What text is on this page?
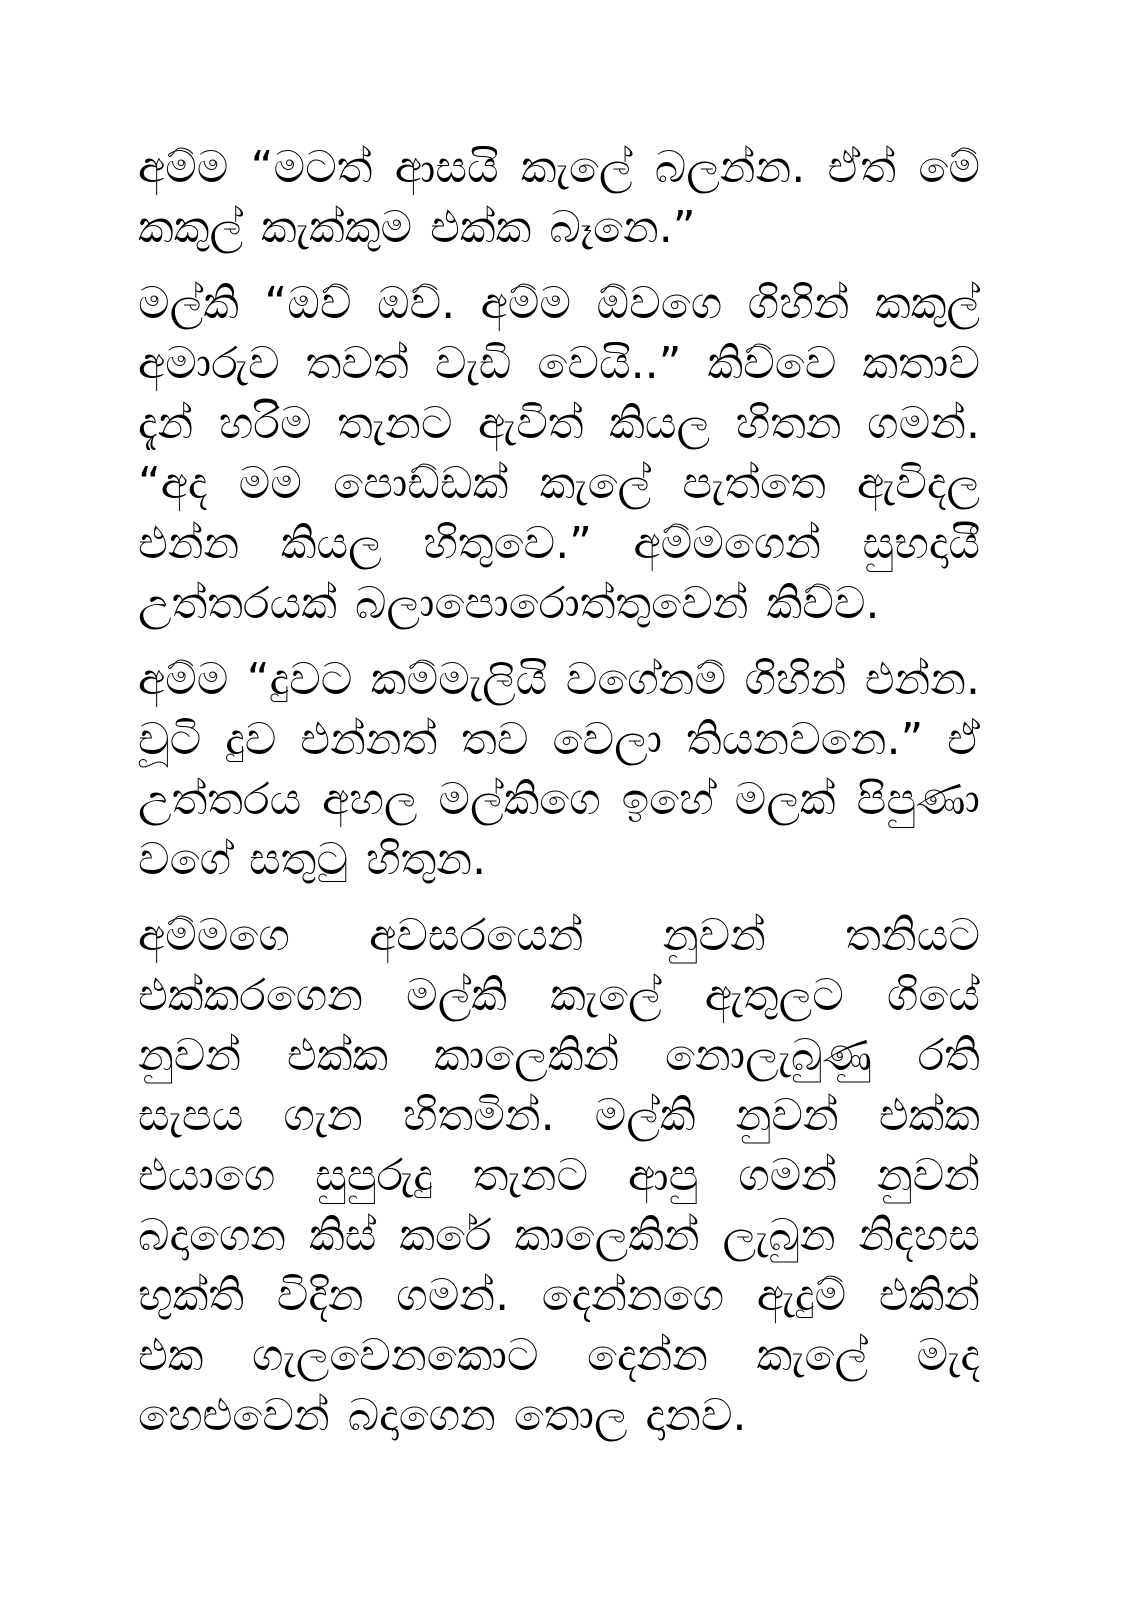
අම්ම “මටත් ආසයි කැලේ බලන්න. ඒත් මේ කකුල් කැක්කුම එක්ක බෑනෙ.”

මල්කි “ඔව් ඔව්. අම්ම ඕවගෙ ගිහින් කකුල් අමාරුව තවත් වැඩි වෙයි..” කිව්වෙ කතාව දැන් හරිම තැනට ඇවිත් කියල හිතන ගමන්. “අද මම පොඩ්ඩක් කැලේ පැත්තෙ ඇවිදල එන්න කියල හිතුවෙ.” අම්මගෙන් සුභදායී උත්තරයක් බලාපොරොත්තුවෙන් කිව්ව.

අම්ම “දුවට කම්මැලියි වගේනම් ගිහින් එන්න. චූටි දුව එන්නත් තව වෙලා තියනවනෙ.” ඒ උත්තරය අහල මල්කිගෙ ඉහේ මලක් පිපුණා වගේ සතුටු හිතුන.

අම්මගෙ අවසරයෙන් නුවන් තනියට එක්කරගෙන මල්කි කැලේ ඇතුලට ගියේ නුවන් එක්ක කාලෙකින් නොලැබුණු රති සැපය ගැන හිතමින්. මල්කි නුවන් එක්ක එයාගෙ සුපුරුදු තැනට ආපු ගමන් නුවන් බදාගෙන කිස් කරේ කාලෙකින් ලැබුන නිදහස භුක්ති විදින ගමන්. දෙන්නගෙ ඇදුම් එකින් එක ගැලවෙනකොට දෙන්න කැලේ මැද හෙළුවෙන් බදාගෙන තොල දානව.
